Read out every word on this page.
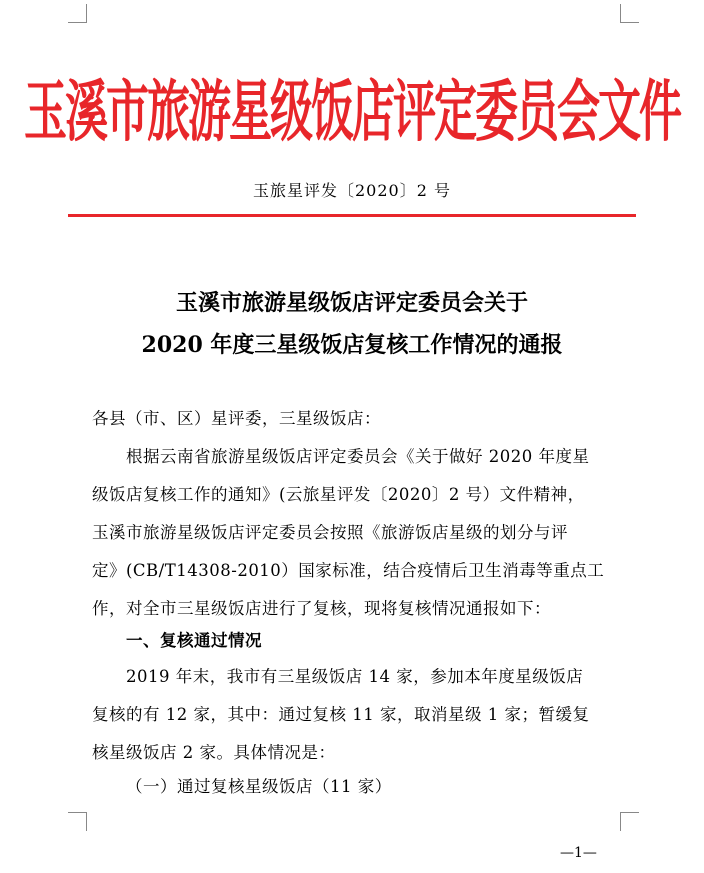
玉溪市旅游星级饭店评定委员会文件
玉旅星评发〔2020〕2 号
玉溪市旅游星级饭店评定委员会关于
2020 年度三星级饭店复核工作情况的通报
各县（市、区）星评委，三星级饭店：
根据云南省旅游星级饭店评定委员会《关于做好 2020 年度星
级饭店复核工作的通知》(云旅星评发〔2020〕2 号）文件精神，
玉溪市旅游星级饭店评定委员会按照《旅游饭店星级的划分与评
定》(CB/T14308-2010）国家标准，结合疫情后卫生消毒等重点工
作，对全市三星级饭店进行了复核，现将复核情况通报如下：
一、复核通过情况
2019 年末，我市有三星级饭店 14 家，参加本年度星级饭店
复核的有 12 家，其中：通过复核 11 家，取消星级 1 家；暂缓复
核星级饭店 2 家。具体情况是：
（一）通过复核星级饭店（11 家）
—1—
